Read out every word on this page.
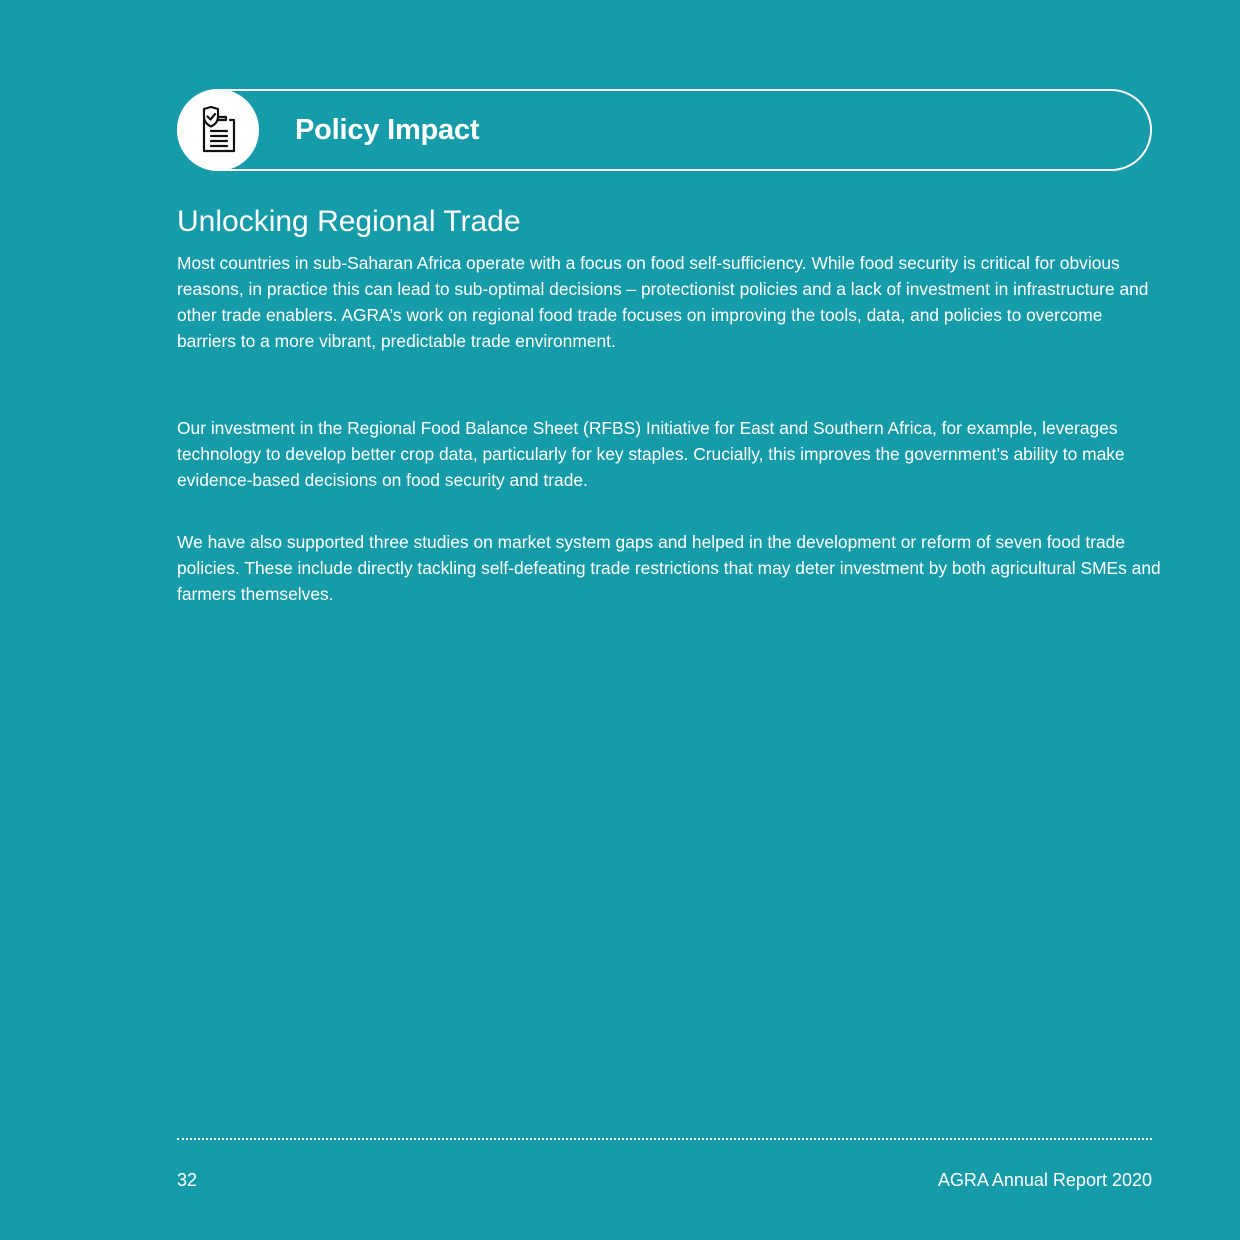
Policy Impact
Unlocking Regional Trade

Most countries in sub-Saharan Africa operate with a focus on food self-sufficiency. While food security is critical for obvious reasons, in practice this can lead to sub-optimal decisions – protectionist policies and a lack of investment in infrastructure and other trade enablers. AGRA’s work on regional food trade focuses on improving the tools, data, and policies to overcome barriers to a more vibrant, predictable trade environment.

Our investment in the Regional Food Balance Sheet (RFBS) Initiative for East and Southern Africa, for example, leverages technology to develop better crop data, particularly for key staples. Crucially, this improves the government’s ability to make evidence-based decisions on food security and trade.

We have also supported three studies on market system gaps and helped in the development or reform of seven food trade policies. These include directly tackling self-defeating trade restrictions that may deter investment by both agricultural SMEs and farmers themselves.

32	AGRA Annual Report 2020
